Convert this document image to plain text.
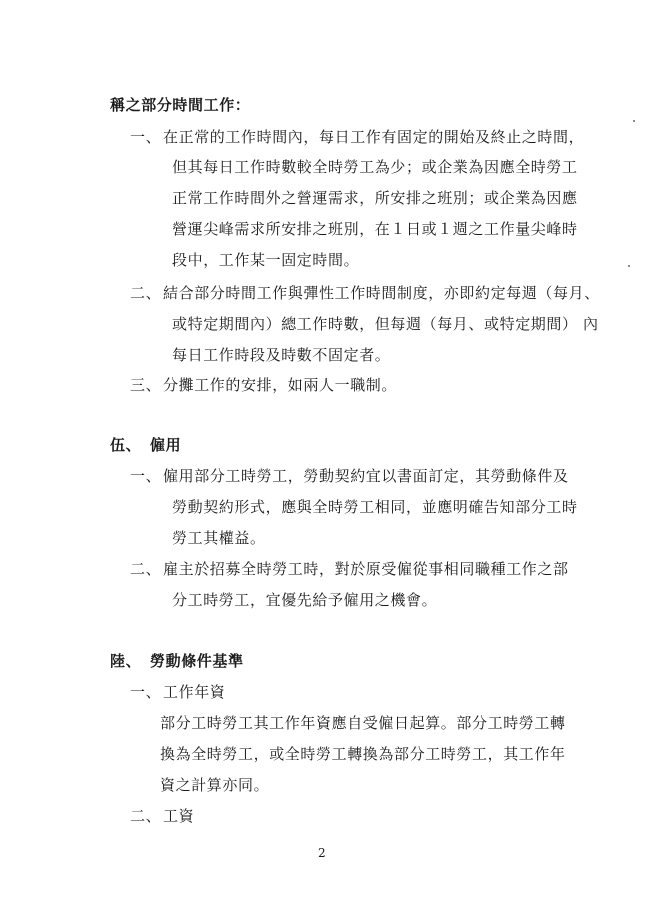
稱之部分時間工作：
一、 在正常的工作時間內，每日工作有固定的開始及終止之時間，
但其每日工作時數較全時勞工為少；或企業為因應全時勞工
正常工作時間外之營運需求，所安排之班別；或企業為因應
營運尖峰需求所安排之班別，在１日或１週之工作量尖峰時
段中，工作某一固定時間。
二、 結合部分時間工作與彈性工作時間制度，亦即約定每週（每月、
或特定期間內）總工作時數，但每週（每月、或特定期間） 內
每日工作時段及時數不固定者。
三、 分攤工作的安排，如兩人一職制。
伍、 僱用
一、 僱用部分工時勞工，勞動契約宜以書面訂定，其勞動條件及
勞動契約形式，應與全時勞工相同，並應明確告知部分工時
勞工其權益。
二、 雇主於招募全時勞工時，對於原受僱從事相同職種工作之部
分工時勞工，宜優先給予僱用之機會。
陸、 勞動條件基準
一、 工作年資
部分工時勞工其工作年資應自受僱日起算。部分工時勞工轉
換為全時勞工，或全時勞工轉換為部分工時勞工，其工作年
資之計算亦同。
二、 工資
2
